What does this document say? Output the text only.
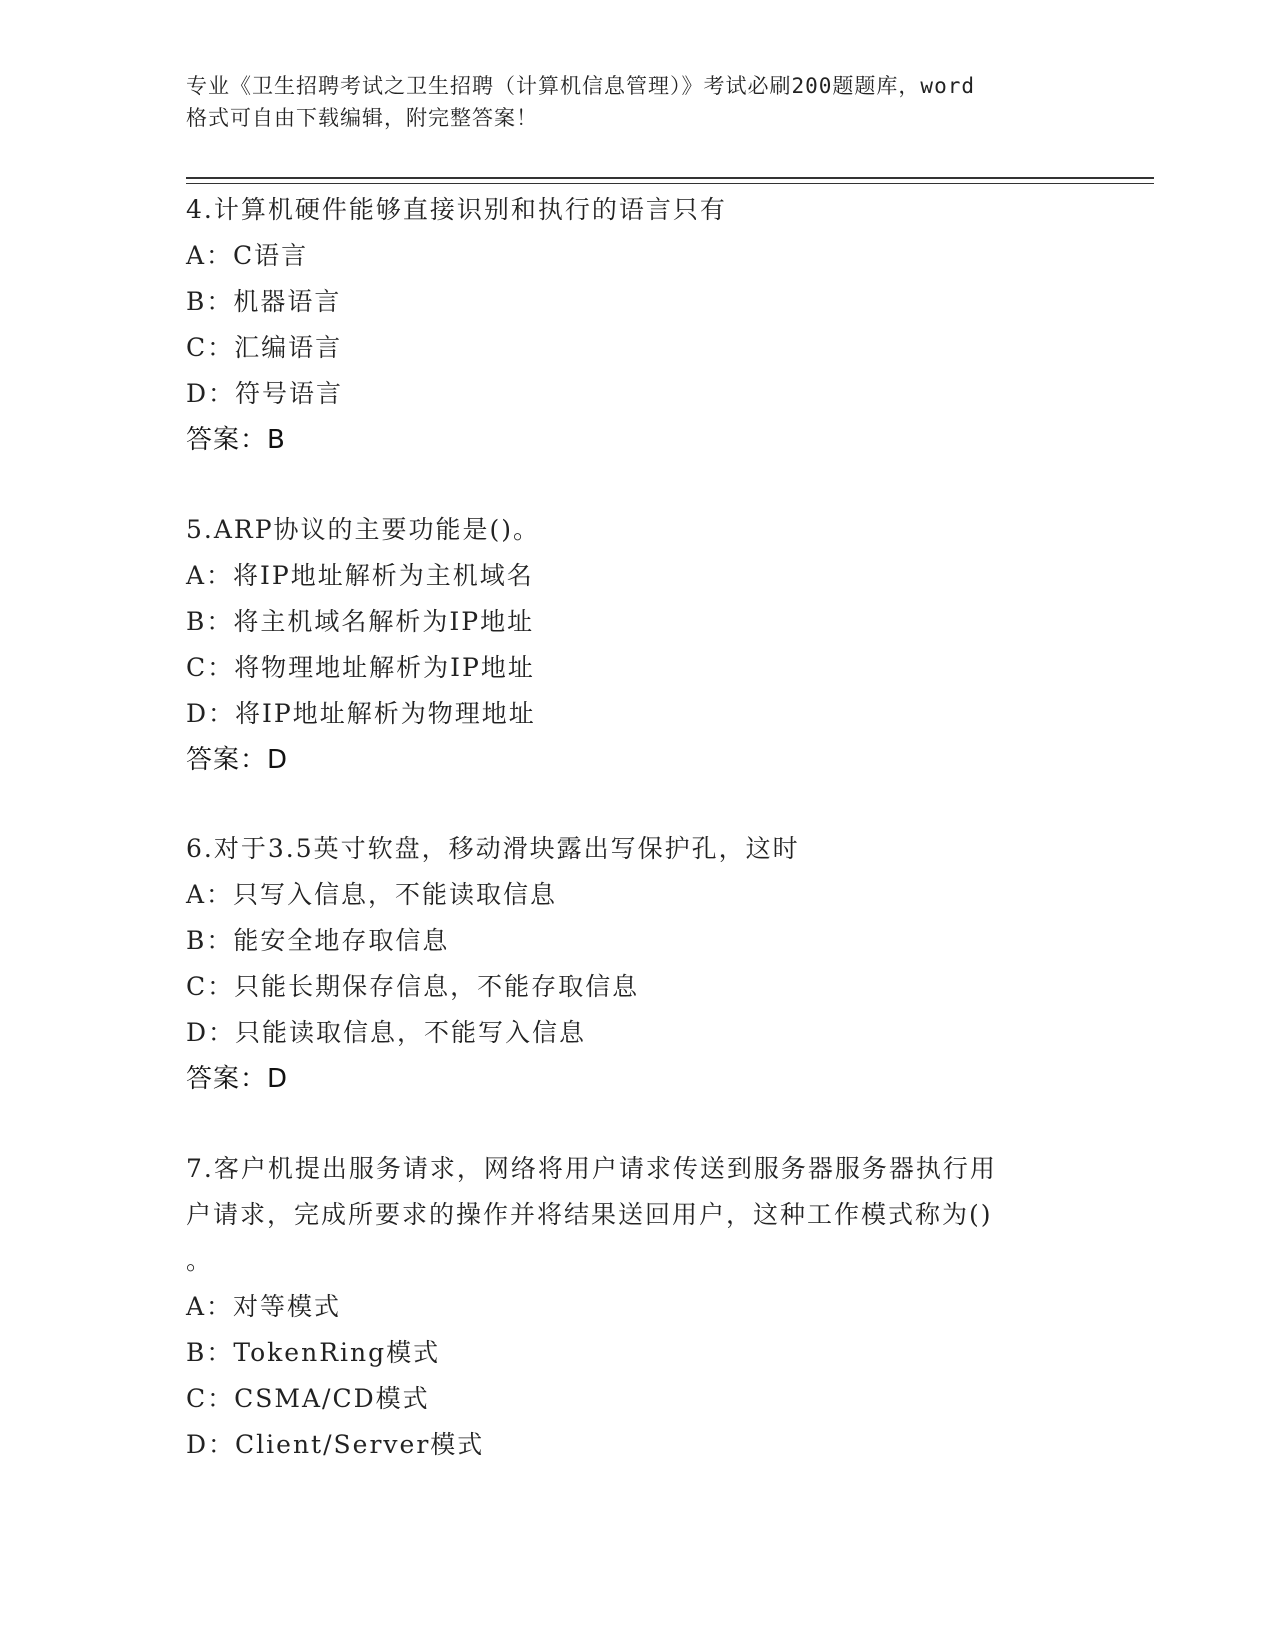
专业《卫生招聘考试之卫生招聘（计算机信息管理）》考试必刷200题题库，word
格式可自由下载编辑，附完整答案！
4.计算机硬件能够直接识别和执行的语言只有
A：C语言
B：机器语言
C：汇编语言
D：符号语言
答案：B
5.ARP协议的主要功能是()。
A：将IP地址解析为主机域名
B：将主机域名解析为IP地址
C：将物理地址解析为IP地址
D：将IP地址解析为物理地址
答案：D
6.对于3.5英寸软盘，移动滑块露出写保护孔，这时
A：只写入信息，不能读取信息
B：能安全地存取信息
C：只能长期保存信息，不能存取信息
D：只能读取信息，不能写入信息
答案：D
7.客户机提出服务请求，网络将用户请求传送到服务器服务器执行用
户请求，完成所要求的操作并将结果送回用户，这种工作模式称为()
。
A：对等模式
B：TokenRing模式
C：CSMA/CD模式
D：Client/Server模式
